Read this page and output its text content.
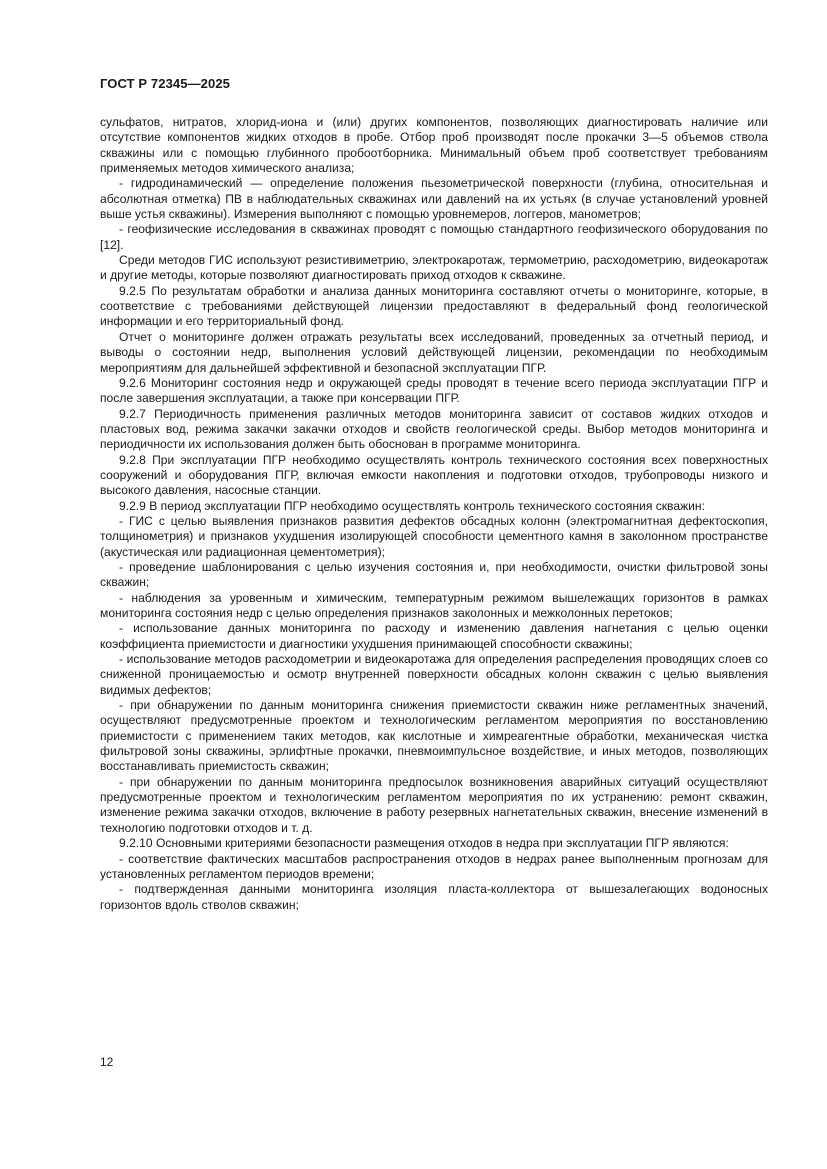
ГОСТ Р 72345—2025

сульфатов, нитратов, хлорид-иона и (или) других компонентов, позволяющих диагностировать наличие или отсутствие компонентов жидких отходов в пробе. Отбор проб производят после прокачки 3—5 объемов ствола скважины или с помощью глубинного пробоотборника. Минимальный объем проб соответствует требованиям применяемых методов химического анализа;

- гидродинамический — определение положения пьезометрической поверхности (глубина, относительная и абсолютная отметка) ПВ в наблюдательных скважинах или давлений на их устьях (в случае установлений уровней выше устья скважины). Измерения выполняют с помощью уровнемеров, логгеров, манометров;

- геофизические исследования в скважинах проводят с помощью стандартного геофизического оборудования по [12].

Среди методов ГИС используют резистивиметрию, электрокаротаж, термометрию, расходометрию, видеокаротаж и другие методы, которые позволяют диагностировать приход отходов к скважине.

9.2.5 По результатам обработки и анализа данных мониторинга составляют отчеты о мониторинге, которые, в соответствие с требованиями действующей лицензии предоставляют в федеральный фонд геологической информации и его территориальный фонд.

Отчет о мониторинге должен отражать результаты всех исследований, проведенных за отчетный период, и выводы о состоянии недр, выполнения условий действующей лицензии, рекомендации по необходимым мероприятиям для дальнейшей эффективной и безопасной эксплуатации ПГР.

9.2.6 Мониторинг состояния недр и окружающей среды проводят в течение всего периода эксплуатации ПГР и после завершения эксплуатации, а также при консервации ПГР.

9.2.7 Периодичность применения различных методов мониторинга зависит от составов жидких отходов и пластовых вод, режима закачки закачки отходов и свойств геологической среды. Выбор методов мониторинга и периодичности их использования должен быть обоснован в программе мониторинга.

9.2.8 При эксплуатации ПГР необходимо осуществлять контроль технического состояния всех поверхностных сооружений и оборудования ПГР, включая емкости накопления и подготовки отходов, трубопроводы низкого и высокого давления, насосные станции.

9.2.9 В период эксплуатации ПГР необходимо осуществлять контроль технического состояния скважин:

- ГИС с целью выявления признаков развития дефектов обсадных колонн (электромагнитная дефектоскопия, толщинометрия) и признаков ухудшения изолирующей способности цементного камня в заколонном пространстве (акустическая или радиационная цементометрия);

- проведение шаблонирования с целью изучения состояния и, при необходимости, очистки фильтровой зоны скважин;

- наблюдения за уровенным и химическим, температурным режимом вышележащих горизонтов в рамках мониторинга состояния недр с целью определения признаков заколонных и межколонных перетоков;

- использование данных мониторинга по расходу и изменению давления нагнетания с целью оценки коэффициента приемистости и диагностики ухудшения принимающей способности скважины;

- использование методов расходометрии и видеокаротажа для определения распределения проводящих слоев со сниженной проницаемостью и осмотр внутренней поверхности обсадных колонн скважин с целью выявления видимых дефектов;

- при обнаружении по данным мониторинга снижения приемистости скважин ниже регламентных значений, осуществляют предусмотренные проектом и технологическим регламентом мероприятия по восстановлению приемистости с применением таких методов, как кислотные и химреагентные обработки, механическая чистка фильтровой зоны скважины, эрлифтные прокачки, пневмоимпульсное воздействие, и иных методов, позволяющих восстанавливать приемистость скважин;

- при обнаружении по данным мониторинга предпосылок возникновения аварийных ситуаций осуществляют предусмотренные проектом и технологическим регламентом мероприятия по их устранению: ремонт скважин, изменение режима закачки отходов, включение в работу резервных нагнетательных скважин, внесение изменений в технологию подготовки отходов и т. д.

9.2.10 Основными критериями безопасности размещения отходов в недра при эксплуатации ПГР являются:

- соответствие фактических масштабов распространения отходов в недрах ранее выполненным прогнозам для установленных регламентом периодов времени;

- подтвержденная данными мониторинга изоляция пласта-коллектора от вышезалегающих водоносных горизонтов вдоль стволов скважин;

12
